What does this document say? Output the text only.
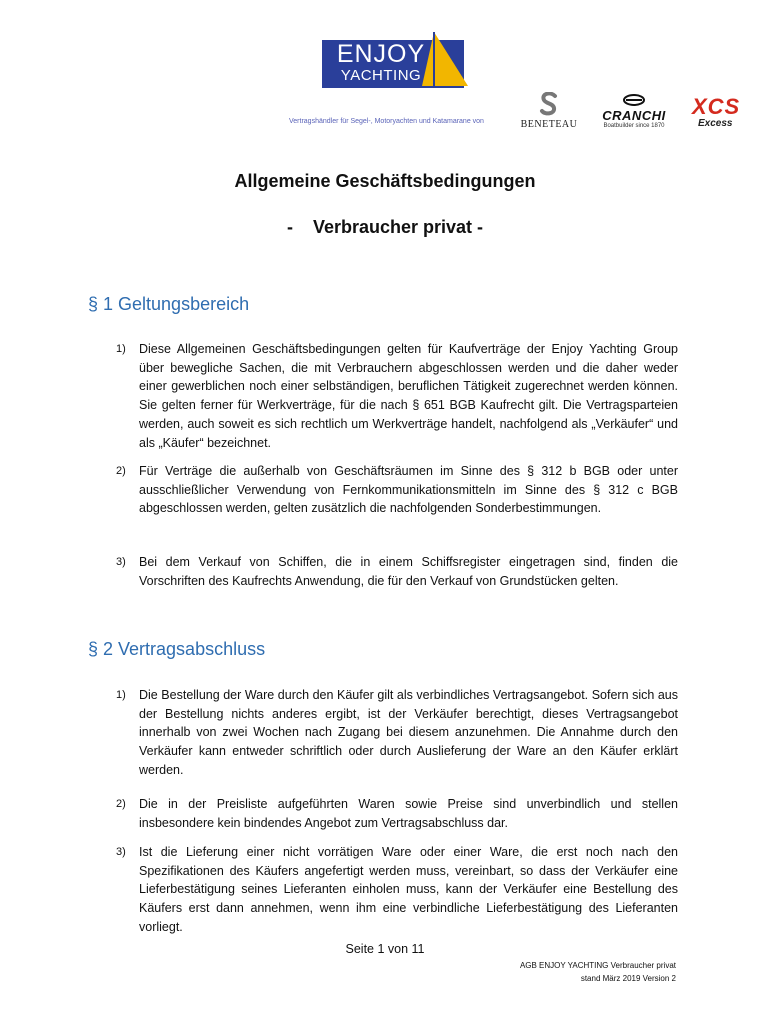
ENJOY
YACHTING
Vertragshändler für Segel-, Motoryachten und Katamarane von	BENETEAU
CRANCHI
Boatbuilder since 1870
XCS
Excess
Allgemeine Geschäftsbedingungen
-    Verbraucher privat -
§ 1 Geltungsbereich
1) Diese Allgemeinen Geschäftsbedingungen gelten für Kaufverträge der Enjoy Yachting Group über bewegliche Sachen, die mit Verbrauchern abgeschlossen werden und die daher weder einer gewerblichen noch einer selbständigen, beruflichen Tätigkeit zugerechnet werden können. Sie gelten ferner für Werkverträge, für die nach § 651 BGB Kaufrecht gilt. Die Vertragsparteien werden, auch soweit es sich rechtlich um Werkverträge handelt, nachfolgend als „Verkäufer“ und als „Käufer“ bezeichnet.
2) Für Verträge die außerhalb von Geschäftsräumen im Sinne des § 312 b BGB oder unter ausschließlicher Verwendung von Fernkommunikationsmitteln im Sinne des § 312 c BGB abgeschlossen werden, gelten zusätzlich die nachfolgenden Sonderbestimmungen.
3) Bei dem Verkauf von Schiffen, die in einem Schiffsregister eingetragen sind, finden die Vorschriften des Kaufrechts Anwendung, die für den Verkauf von Grundstücken gelten.
§ 2 Vertragsabschluss
1) Die Bestellung der Ware durch den Käufer gilt als verbindliches Vertragsangebot. Sofern sich aus der Bestellung nichts anderes ergibt, ist der Verkäufer berechtigt, dieses Vertragsangebot innerhalb von zwei Wochen nach Zugang bei diesem anzunehmen. Die Annahme durch den Verkäufer kann entweder schriftlich oder durch Auslieferung der Ware an den Käufer erklärt werden.
2) Die in der Preisliste aufgeführten Waren sowie Preise sind unverbindlich und stellen insbesondere kein bindendes Angebot zum Vertragsabschluss dar.
3) Ist die Lieferung einer nicht vorrätigen Ware oder einer Ware, die erst noch nach den Spezifikationen des Käufers angefertigt werden muss, vereinbart, so dass der Verkäufer eine Lieferbestätigung seines Lieferanten einholen muss, kann der Verkäufer eine Bestellung des Käufers erst dann annehmen, wenn ihm eine verbindliche Lieferbestätigung des Lieferanten vorliegt.
Seite 1 von 11
AGB ENJOY YACHTING Verbraucher privat
stand März 2019 Version 2
